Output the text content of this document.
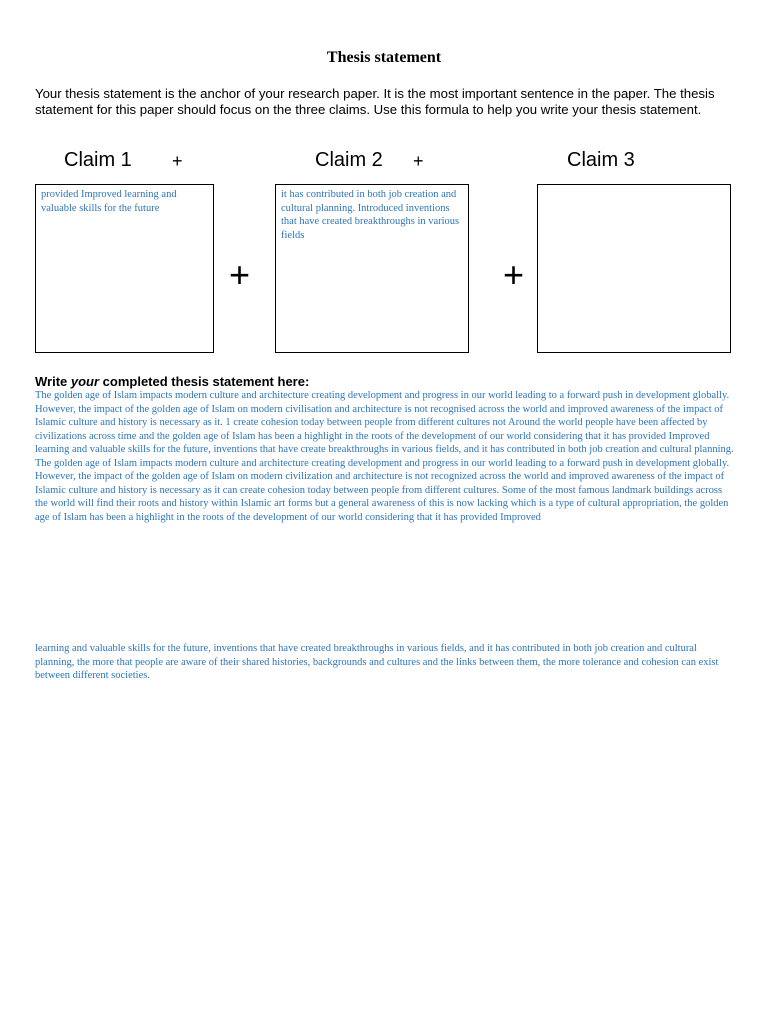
Thesis statement
Your thesis statement is the anchor of your research paper. It is the most important sentence in the paper. The thesis statement for this paper should focus on the three claims. Use this formula to help you write your thesis statement.
Claim 1 +	Claim 2 +	Claim 3
provided Improved learning and valuable skills for the future
+
it has contributed in both job creation and cultural planning. Introduced inventions that have created breakthroughs in various fields
+
Write your completed thesis statement here:
The golden age of Islam impacts modern culture and architecture creating development and progress in our world leading to a forward push in development globally. However, the impact of the golden age of Islam on modern civilisation and architecture is not recognised across the world and improved awareness of the impact of Islamic culture and history is necessary as it. 1 create cohesion today between people from different cultures not Around the world people have been affected by civilizations across time and the golden age of Islam has been a highlight in the roots of the development of our world considering that it has provided Improved learning and valuable skills for the future, inventions that have create breakthroughs in various fields, and it has contributed in both job creation and cultural planning. The golden age of Islam impacts modern culture and architecture creating development and progress in our world leading to a forward push in development globally. However, the impact of the golden age of Islam on modern civilization and architecture is not recognized across the world and improved awareness of the impact of Islamic culture and history is necessary as it can create cohesion today between people from different cultures. Some of the most famous landmark buildings across the world will find their roots and history within Islamic art forms but a general awareness of this is now lacking which is a type of cultural appropriation, the golden age of Islam has been a highlight in the roots of the development of our world considering that it has provided Improved
learning and valuable skills for the future, inventions that have created breakthroughs in various fields, and it has contributed in both job creation and cultural planning, the more that people are aware of their shared histories, backgrounds and cultures and the links between them, the more tolerance and cohesion can exist between different societies.
